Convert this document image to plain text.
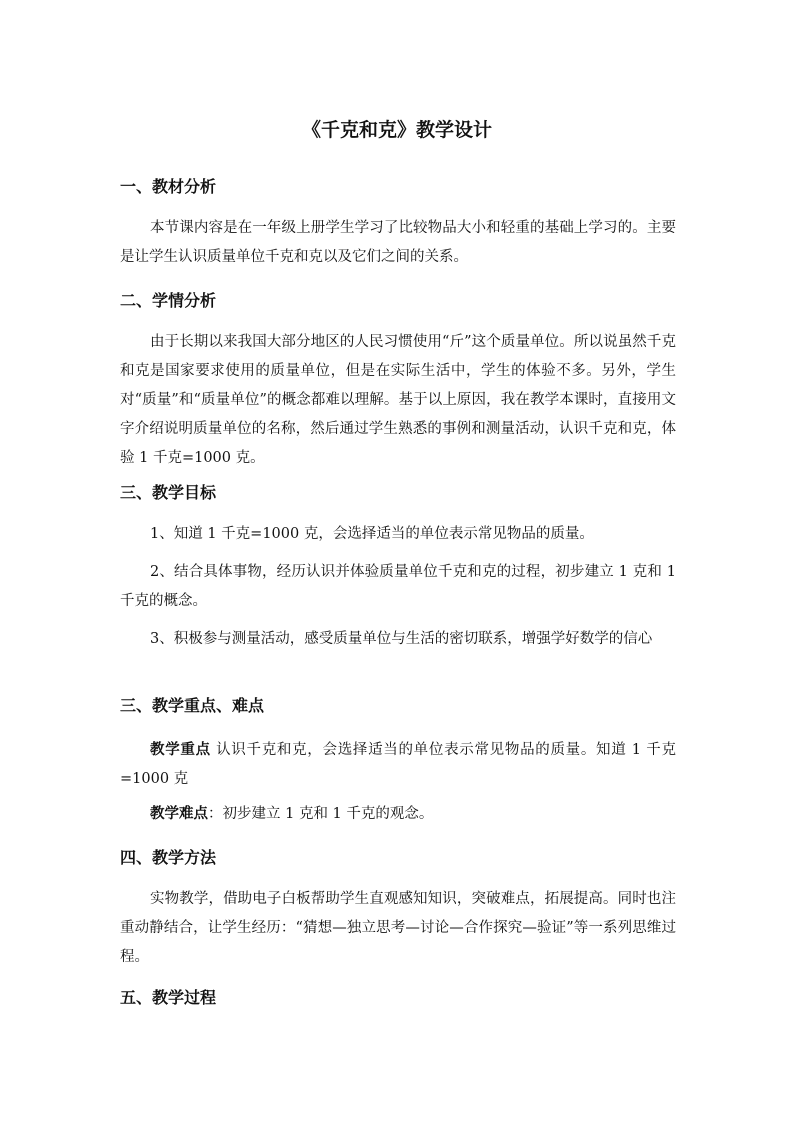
《千克和克》教学设计
一、教材分析

本节课内容是在一年级上册学生学习了比较物品大小和轻重的基础上学习的。主要是让学生认识质量单位千克和克以及它们之间的关系。

二、学情分析

由于长期以来我国大部分地区的人民习惯使用“斤”这个质量单位。所以说虽然千克和克是国家要求使用的质量单位，但是在实际生活中，学生的体验不多。另外，学生对“质量”和“质量单位”的概念都难以理解。基于以上原因，我在教学本课时，直接用文字介绍说明质量单位的名称，然后通过学生熟悉的事例和测量活动，认识千克和克，体验 1 千克=1000 克。

三、教学目标

1、知道 1 千克=1000 克，会选择适当的单位表示常见物品的质量。

2、结合具体事物，经历认识并体验质量单位千克和克的过程，初步建立 1 克和 1 千克的概念。

3、积极参与测量活动，感受质量单位与生活的密切联系，增强学好数学的信心

三、教学重点、难点

教学重点 认识千克和克，会选择适当的单位表示常见物品的质量。知道 1 千克=1000 克

教学难点：初步建立 1 克和 1 千克的观念。

四、教学方法

实物教学，借助电子白板帮助学生直观感知知识，突破难点，拓展提高。同时也注重动静结合，让学生经历：“猜想—独立思考—讨论—合作探究—验证”等一系列思维过程。

五、教学过程
